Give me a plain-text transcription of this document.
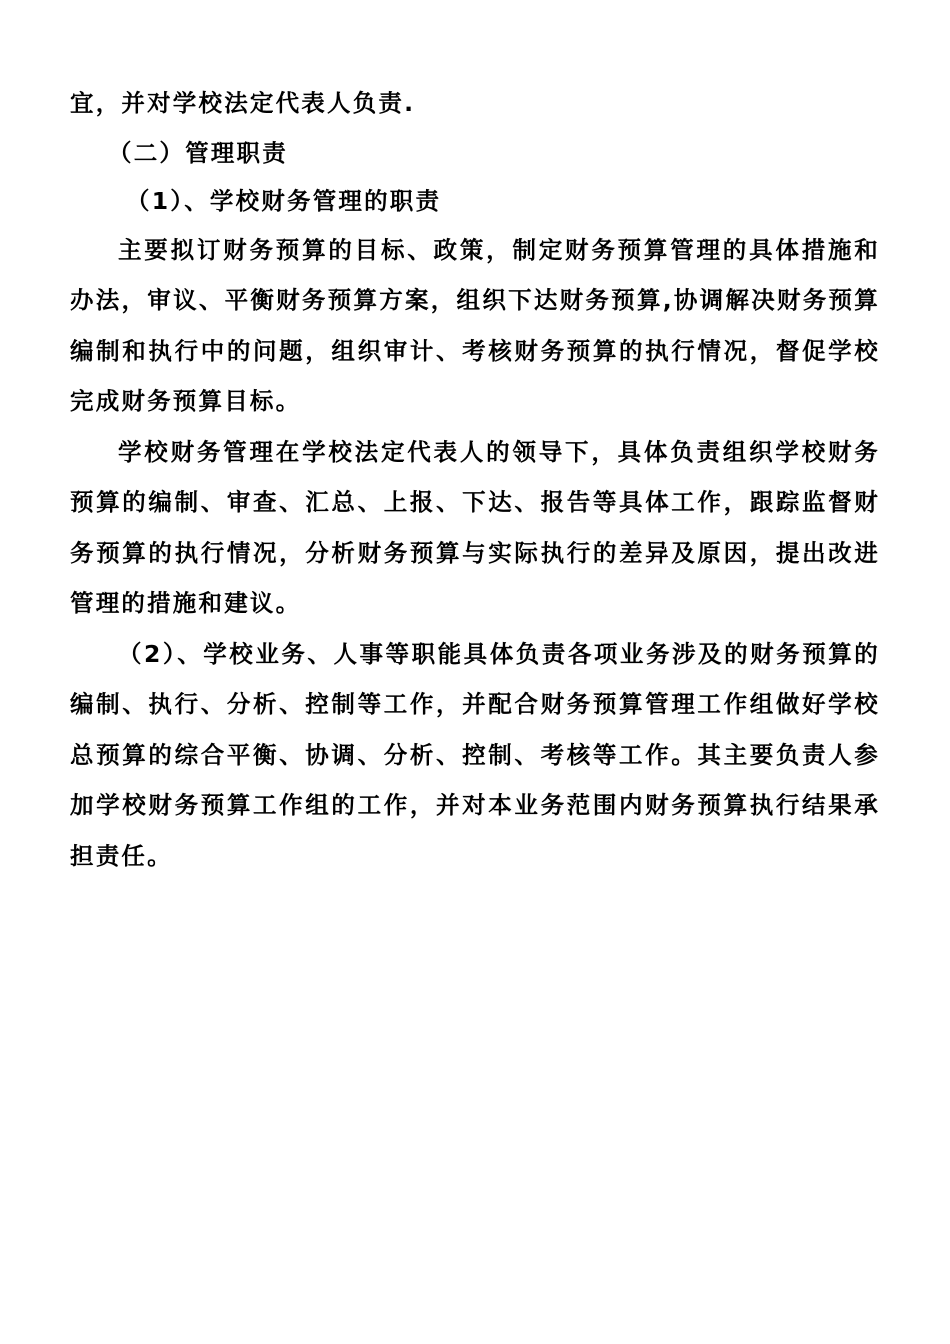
宜，并对学校法定代表人负责.

（二）管理职责

（1）、学校财务管理的职责

主要拟订财务预算的目标、政策，制定财务预算管理的具体措施和办法，审议、平衡财务预算方案，组织下达财务预算,协调解决财务预算编制和执行中的问题，组织审计、考核财务预算的执行情况，督促学校完成财务预算目标。

学校财务管理在学校法定代表人的领导下，具体负责组织学校财务预算的编制、审查、汇总、上报、下达、报告等具体工作，跟踪监督财务预算的执行情况，分析财务预算与实际执行的差异及原因，提出改进管理的措施和建议。

（2）、学校业务、人事等职能具体负责各项业务涉及的财务预算的编制、执行、分析、控制等工作，并配合财务预算管理工作组做好学校总预算的综合平衡、协调、分析、控制、考核等工作。其主要负责人参加学校财务预算工作组的工作，并对本业务范围内财务预算执行结果承担责任。
